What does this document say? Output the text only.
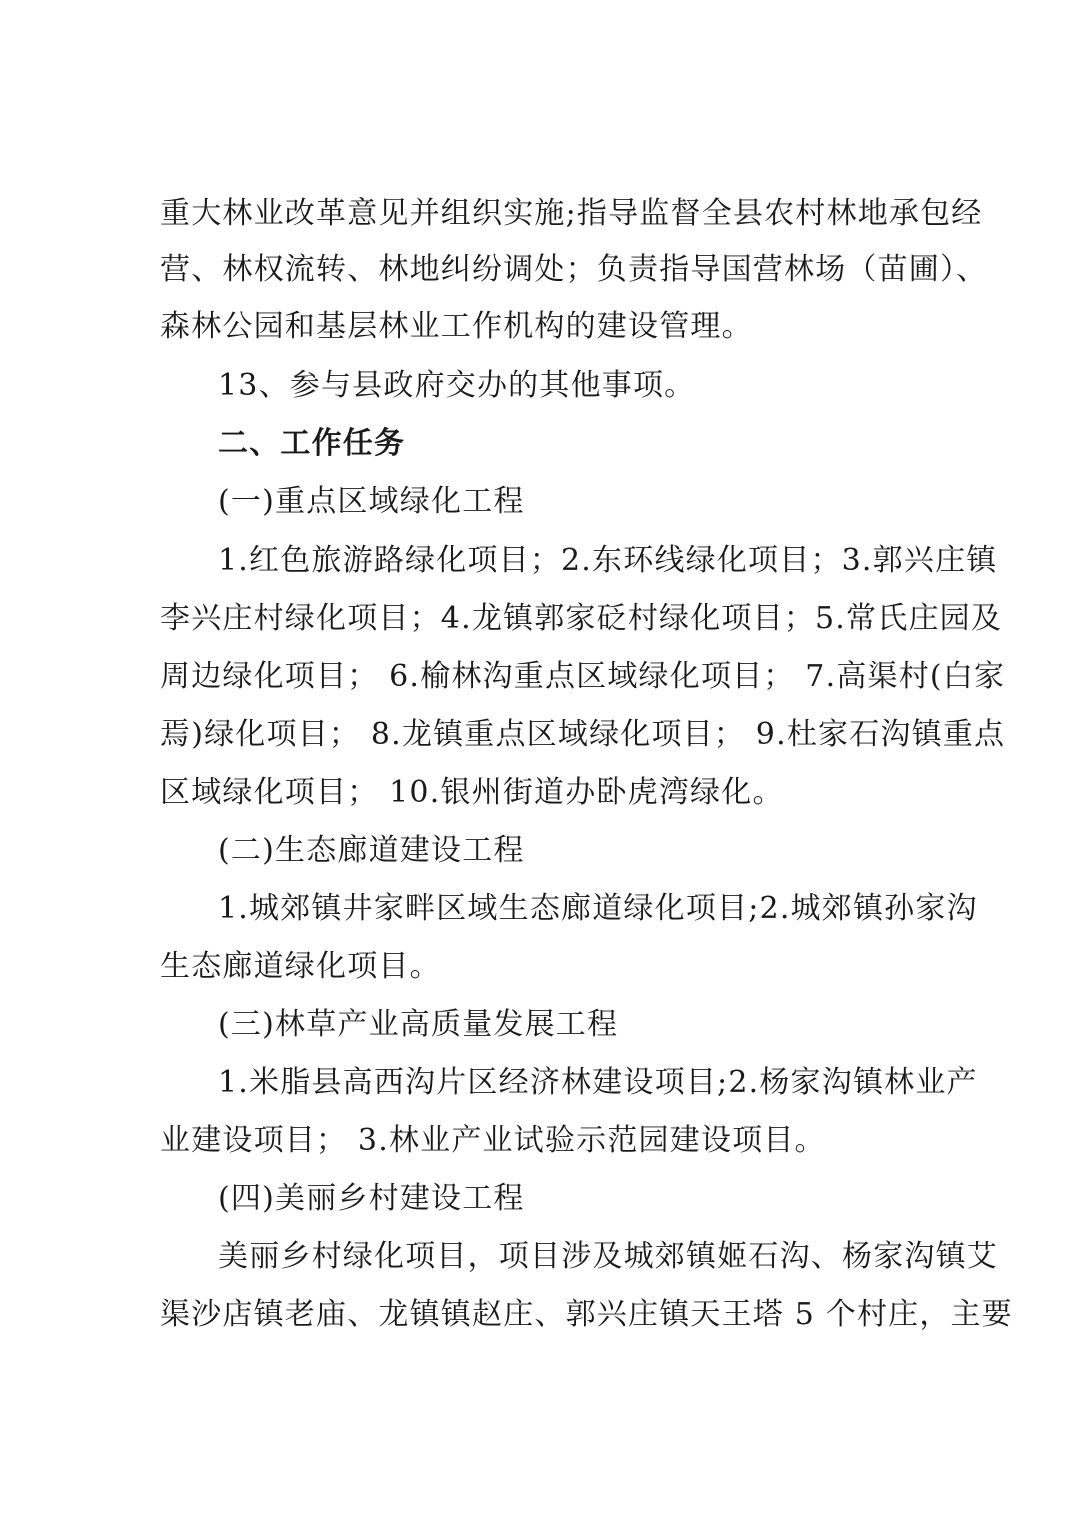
重大林业改革意见并组织实施;指导监督全县农村林地承包经
营、林权流转、林地纠纷调处；负责指导国营林场（苗圃）、
森林公园和基层林业工作机构的建设管理。
13、参与县政府交办的其他事项。
二、工作任务
(一)重点区域绿化工程
1.红色旅游路绿化项目；2.东环线绿化项目；3.郭兴庄镇
李兴庄村绿化项目；4.龙镇郭家砭村绿化项目；5.常氏庄园及
周边绿化项目； 6.榆林沟重点区域绿化项目； 7.高渠村(白家
焉)绿化项目； 8.龙镇重点区域绿化项目； 9.杜家石沟镇重点
区域绿化项目； 10.银州街道办卧虎湾绿化。
(二)生态廊道建设工程
1.城郊镇井家畔区域生态廊道绿化项目;2.城郊镇孙家沟
生态廊道绿化项目。
(三)林草产业高质量发展工程
1.米脂县高西沟片区经济林建设项目;2.杨家沟镇林业产
业建设项目； 3.林业产业试验示范园建设项目。
(四)美丽乡村建设工程
美丽乡村绿化项目，项目涉及城郊镇姬石沟、杨家沟镇艾
渠沙店镇老庙、龙镇镇赵庄、郭兴庄镇天王塔 5 个村庄，主要
